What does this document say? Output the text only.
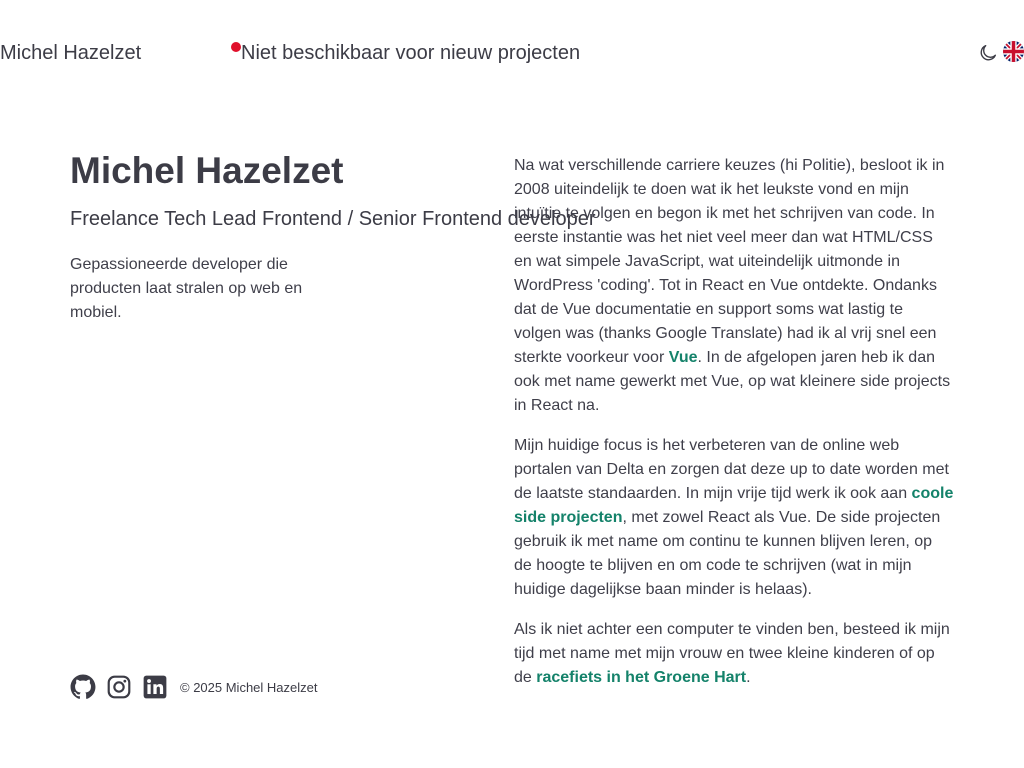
Michel Hazelzet	Niet beschikbaar voor nieuw projecten
Michel Hazelzet
Freelance Tech Lead Frontend / Senior Frontend developer

Gepassioneerde developer die producten laat stralen op web en mobiel.

Na wat verschillende carriere keuzes (hi Politie), besloot ik in 2008 uiteindelijk te doen wat ik het leukste vond en mijn intuïtie te volgen en begon ik met het schrijven van code. In eerste instantie was het niet veel meer dan wat HTML/CSS en wat simpele JavaScript, wat uiteindelijk uitmonde in WordPress 'coding'. Tot in React en Vue ontdekte. Ondanks dat de Vue documentatie en support soms wat lastig te volgen was (thanks Google Translate) had ik al vrij snel een sterkte voorkeur voor Vue. In de afgelopen jaren heb ik dan ook met name gewerkt met Vue, op wat kleinere side projects in React na.

Mijn huidige focus is het verbeteren van de online web portalen van Delta en zorgen dat deze up to date worden met de laatste standaarden. In mijn vrije tijd werk ik ook aan coole side projecten, met zowel React als Vue. De side projecten gebruik ik met name om continu te kunnen blijven leren, op de hoogte te blijven en om code te schrijven (wat in mijn huidige dagelijkse baan minder is helaas).

Als ik niet achter een computer te vinden ben, besteed ik mijn tijd met name met mijn vrouw en twee kleine kinderen of op de racefiets in het Groene Hart.

© 2025 Michel Hazelzet
